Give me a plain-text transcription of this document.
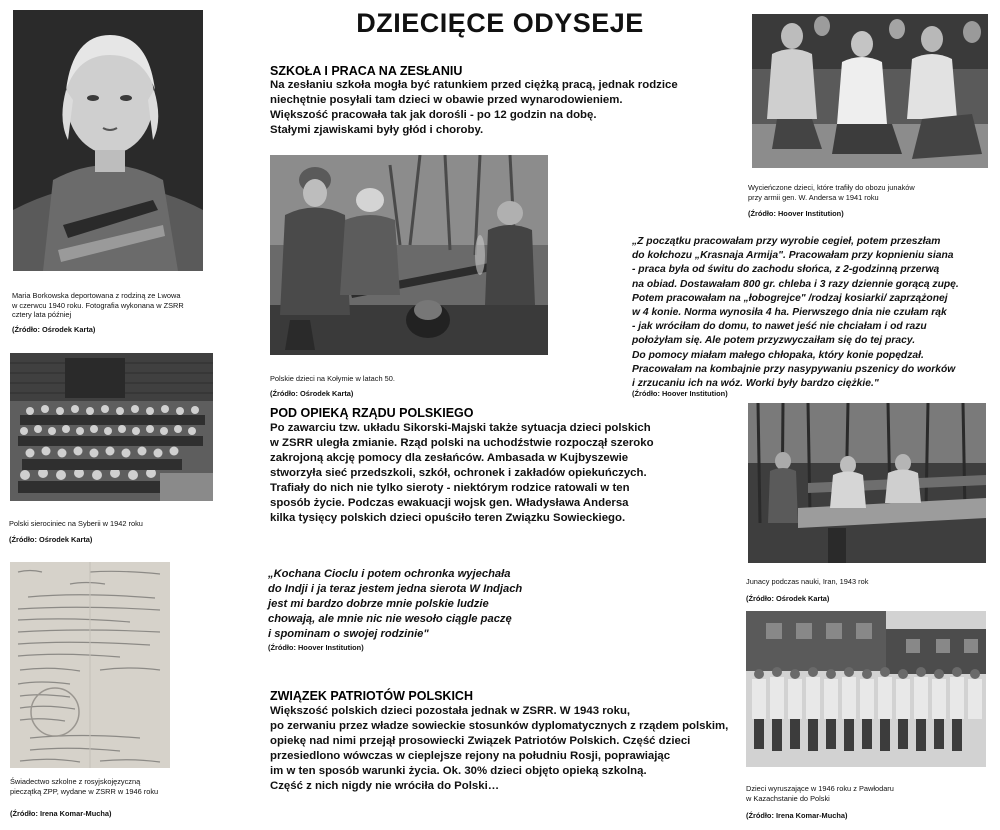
DZIECIĘCE ODYSEJE
Maria Borkowska deportowana z rodziną ze Lwowa
w czerwcu 1940 roku. Fotografia wykonana w ZSRR
cztery lata później
(Źródło: Ośrodek Karta)
Polski sierociniec na Syberii w 1942 roku
(Źródło: Ośrodek Karta)
Świadectwo szkolne z rosyjskojęzyczną
pieczątką ZPP, wydane w ZSRR w 1946 roku
(Źródło: Irena Komar-Mucha)
SZKOŁA I PRACA NA ZESŁANIU

Na zesłaniu szkoła mogła być ratunkiem przed ciężką pracą, jednak rodzice

niechętnie posyłali tam dzieci w obawie przed wynarodowieniem.

Większość pracowała tak jak dorośli - po 12 godzin na dobę.

Stałymi zjawiskami były głód i choroby.

Polskie dzieci na Kołymie w latach 50.
(Źródło: Ośrodek Karta)
POD OPIEKĄ RZĄDU POLSKIEGO

Po zawarciu tzw. układu Sikorski-Majski także sytuacja dzieci polskich

w ZSRR uległa zmianie. Rząd polski na uchodźstwie rozpoczął szeroko

zakrojoną akcję pomocy dla zesłańców. Ambasada w Kujbyszewie

stworzyła sieć przedszkoli, szkół, ochronek i zakładów opiekuńczych.

Trafiały do nich nie tylko sieroty - niektórym rodzice ratowali w ten

sposób życie. Podczas ewakuacji wojsk gen. Władysława Andersa

kilka tysięcy polskich dzieci opuściło teren Związku Sowieckiego.

„Kochana Cioclu i potem ochronka wyjechała

do Indji i ja teraz jestem jedna sierota W Indjach

jest mi bardzo dobrze mnie polskie ludzie

chowają, ale mnie nic nie wesoło ciągle paczę

i spominam o swojej rodzinie"

(Źródło: Hoover Institution)
ZWIĄZEK PATRIOTÓW POLSKICH

Większość polskich dzieci pozostała jednak w ZSRR. W 1943 roku,

po zerwaniu przez władze sowieckie stosunków dyplomatycznych z rządem polskim,

opiekę nad nimi przejął prosowiecki Związek Patriotów Polskich. Część dzieci

przesiedlono wówczas w cieplejsze rejony na południu Rosji, poprawiając

im w ten sposób warunki życia. Ok. 30% dzieci objęto opieką szkolną.

Część z nich nigdy nie wróciła do Polski…

Wycieńczone dzieci, które trafiły do obozu junaków
przy armii gen. W. Andersa w 1941 roku
(Źródło: Hoover Institution)

„Z początku pracowałam przy wyrobie cegieł, potem przeszłam

do kołchozu „Krasnaja Armija". Pracowałam przy kopnieniu siana

- praca była od świtu do zachodu słońca, z 2-godzinną przerwą

na obiad. Dostawałam 800 gr. chleba i 3 razy dziennie gorącą zupę.

Potem pracowałam na „łobogrejce" /rodzaj kosiarki/ zaprzążonej

w 4 konie. Norma wynosiła 4 ha. Pierwszego dnia nie czułam rąk

- jak wróciłam do domu, to nawet jeść nie chciałam i od razu

położyłam się. Ale potem przyzwyczaiłam się do tej pracy.

Do pomocy miałam małego chłopaka, który konie popędzał.

Pracowałam na kombajnie przy nasypywaniu pszenicy do worków

i zrzucaniu ich na wóz. Worki były bardzo ciężkie."

(Źródło: Hoover Institution)
Junacy podczas nauki, Iran, 1943 rok
(Źródło: Ośrodek Karta)
Dzieci wyruszające w 1946 roku z Pawłodaru
w Kazachstanie do Polski
(Źródło: Irena Komar-Mucha)
